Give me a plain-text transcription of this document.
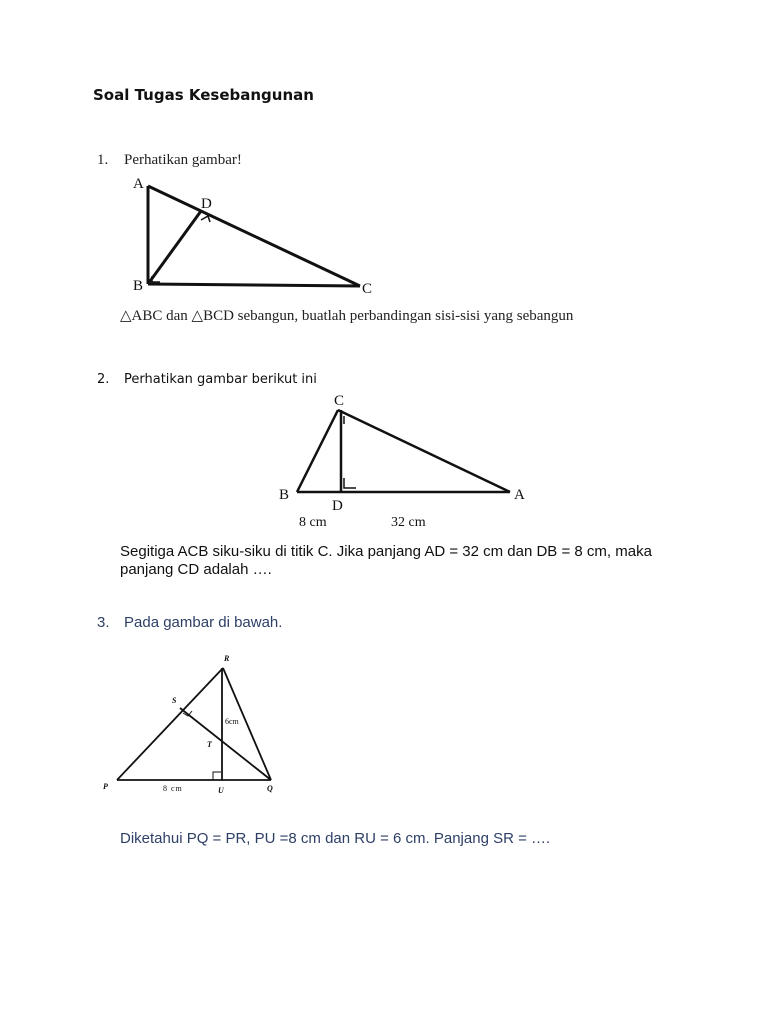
Soal Tugas Kesebangunan
1. Perhatikan gambar!
A
D
B	C
△ABC dan △BCD sebangun, buatlah perbandingan sisi-sisi yang sebangun
2. Perhatikan gambar berikut ini
C
B
D
A
8 cm	32 cm
Segitiga ACB siku-siku di titik C. Jika panjang AD = 32 cm dan DB = 8 cm, maka
panjang CD adalah ….
3. Pada gambar di bawah.
R
S
T
P	U	Q
6cm
8 cm
Diketahui PQ = PR, PU =8 cm dan RU = 6 cm. Panjang SR = ….
